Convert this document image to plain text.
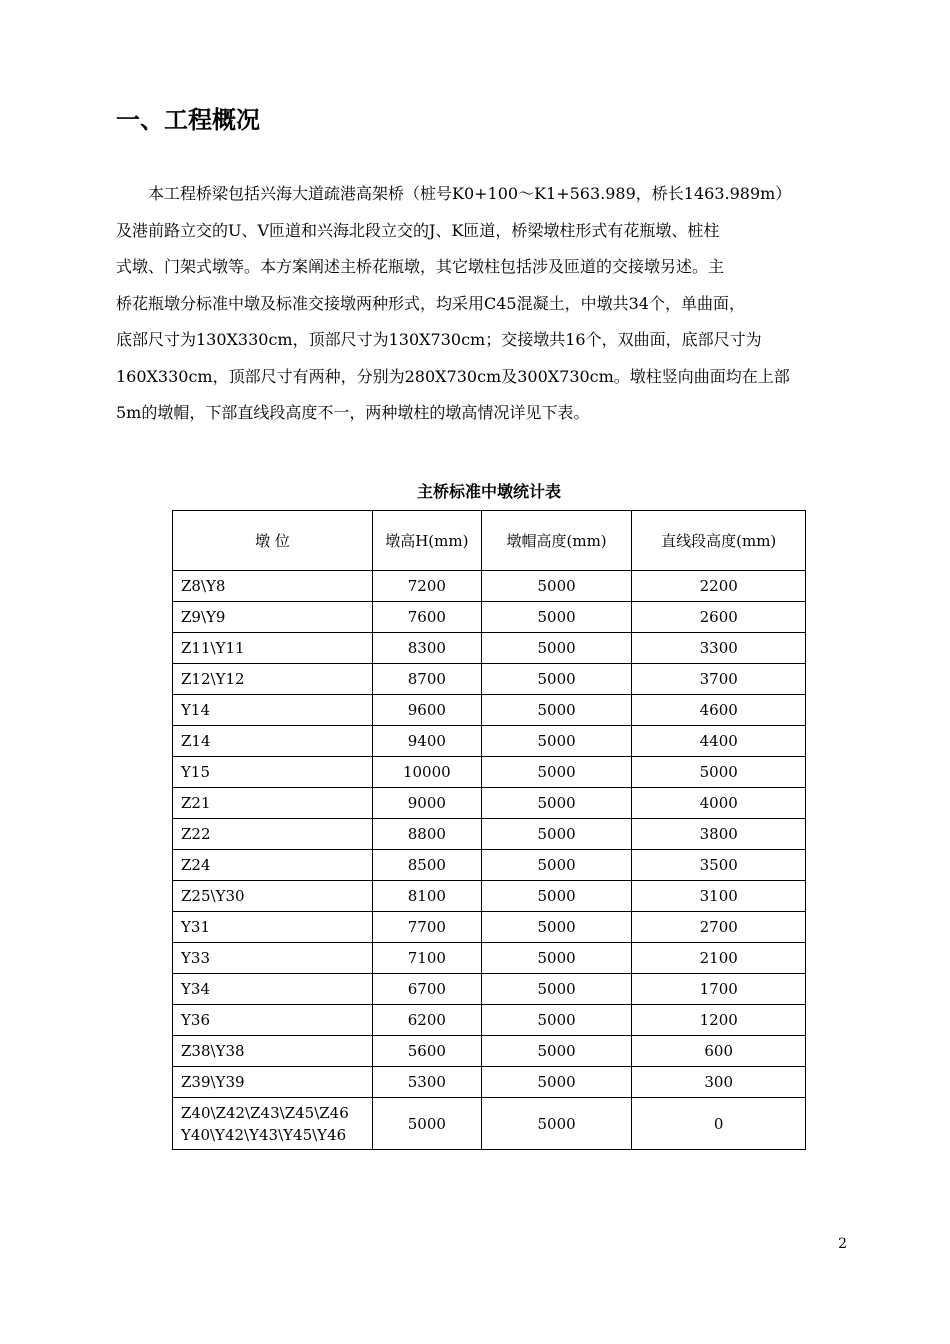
一、工程概况
　　本工程桥梁包括兴海大道疏港高架桥（桩号K0+100～K1+563.989，桥长1463.989m）
及港前路立交的U、V匝道和兴海北段立交的J、K匝道，桥梁墩柱形式有花瓶墩、桩柱
式墩、门架式墩等。本方案阐述主桥花瓶墩，其它墩柱包括涉及匝道的交接墩另述。主
桥花瓶墩分标准中墩及标准交接墩两种形式，均采用C45混凝土，中墩共34个，单曲面，
底部尺寸为130X330cm，顶部尺寸为130X730cm；交接墩共16个，双曲面，底部尺寸为
160X330cm，顶部尺寸有两种，分别为280X730cm及300X730cm。墩柱竖向曲面均在上部
5m的墩帽，下部直线段高度不一，两种墩柱的墩高情况详见下表。
主桥标准中墩统计表
墩 位	墩高H(mm)	墩帽高度(mm)	直线段高度(mm)
Z8\Y8	7200	5000	2200
Z9\Y9	7600	5000	2600
Z11\Y11	8300	5000	3300
Z12\Y12	8700	5000	3700
Y14	9600	5000	4600
Z14	9400	5000	4400
Y15	10000	5000	5000
Z21	9000	5000	4000
Z22	8800	5000	3800
Z24	8500	5000	3500
Z25\Y30	8100	5000	3100
Y31	7700	5000	2700
Y33	7100	5000	2100
Y34	6700	5000	1700
Y36	6200	5000	1200
Z38\Y38	5600	5000	600
Z39\Y39	5300	5000	300

Z40\Z42\Z43\Z45\Z46
Y40\Y42\Y43\Y45\Y46	5000	5000	0
2
